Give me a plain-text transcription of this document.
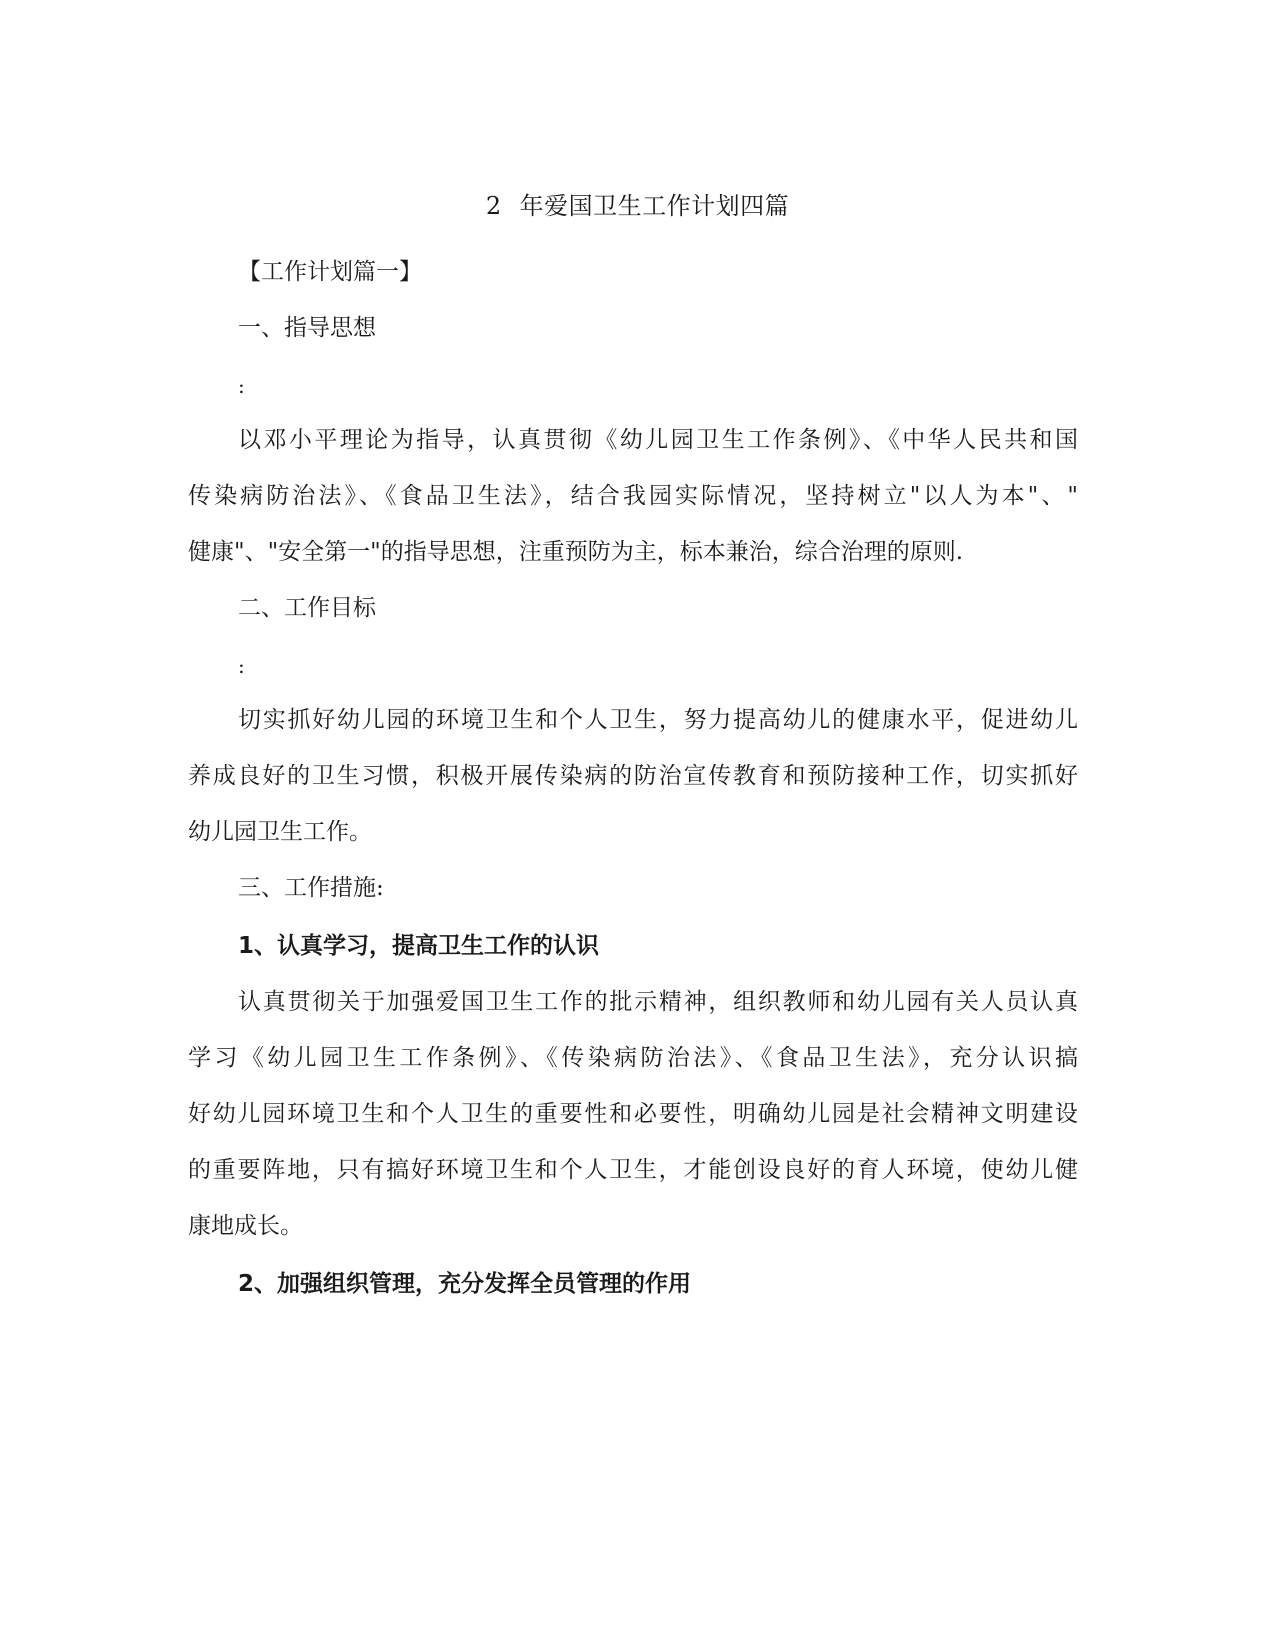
2 年爱国卫生工作计划四篇
【工作计划篇一】
一、指导思想
:
以邓小平理论为指导，认真贯彻《幼儿园卫生工作条例》、《中华人民共和国
传染病防治法》、《食品卫生法》，结合我园实际情况，坚持树立"以人为本"、"
健康"、"安全第一"的指导思想，注重预防为主，标本兼治，综合治理的原则.
二、工作目标
:
切实抓好幼儿园的环境卫生和个人卫生，努力提高幼儿的健康水平，促进幼儿
养成良好的卫生习惯，积极开展传染病的防治宣传教育和预防接种工作，切实抓好
幼儿园卫生工作。
三、工作措施:
1、认真学习，提高卫生工作的认识
认真贯彻关于加强爱国卫生工作的批示精神，组织教师和幼儿园有关人员认真
学习《幼儿园卫生工作条例》、《传染病防治法》、《食品卫生法》，充分认识搞
好幼儿园环境卫生和个人卫生的重要性和必要性，明确幼儿园是社会精神文明建设
的重要阵地，只有搞好环境卫生和个人卫生，才能创设良好的育人环境，使幼儿健
康地成长。
2、加强组织管理，充分发挥全员管理的作用
